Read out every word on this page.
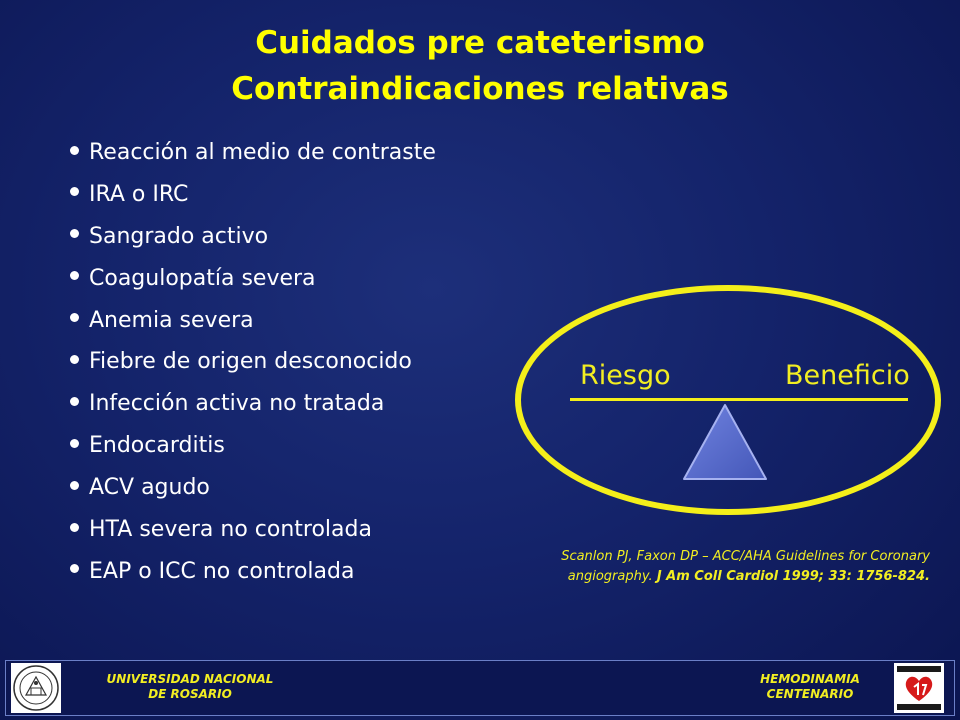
Cuidados pre cateterismo
Contraindicaciones relativas
Reacción al medio de contraste
IRA o IRC
Sangrado activo
Coagulopatía severa
Anemia severa
Fiebre de origen desconocido
Infección activa no tratada
Endocarditis
ACV agudo
HTA severa no controlada
EAP o ICC no controlada
Riesgo	Beneficio
Scanlon PJ, Faxon DP – ACC/AHA Guidelines for Coronary
angiography. J Am Coll Cardiol 1999; 33: 1756-824.
UNIVERSIDAD NACIONAL
DE ROSARIO
HEMODINAMIA
CENTENARIO
